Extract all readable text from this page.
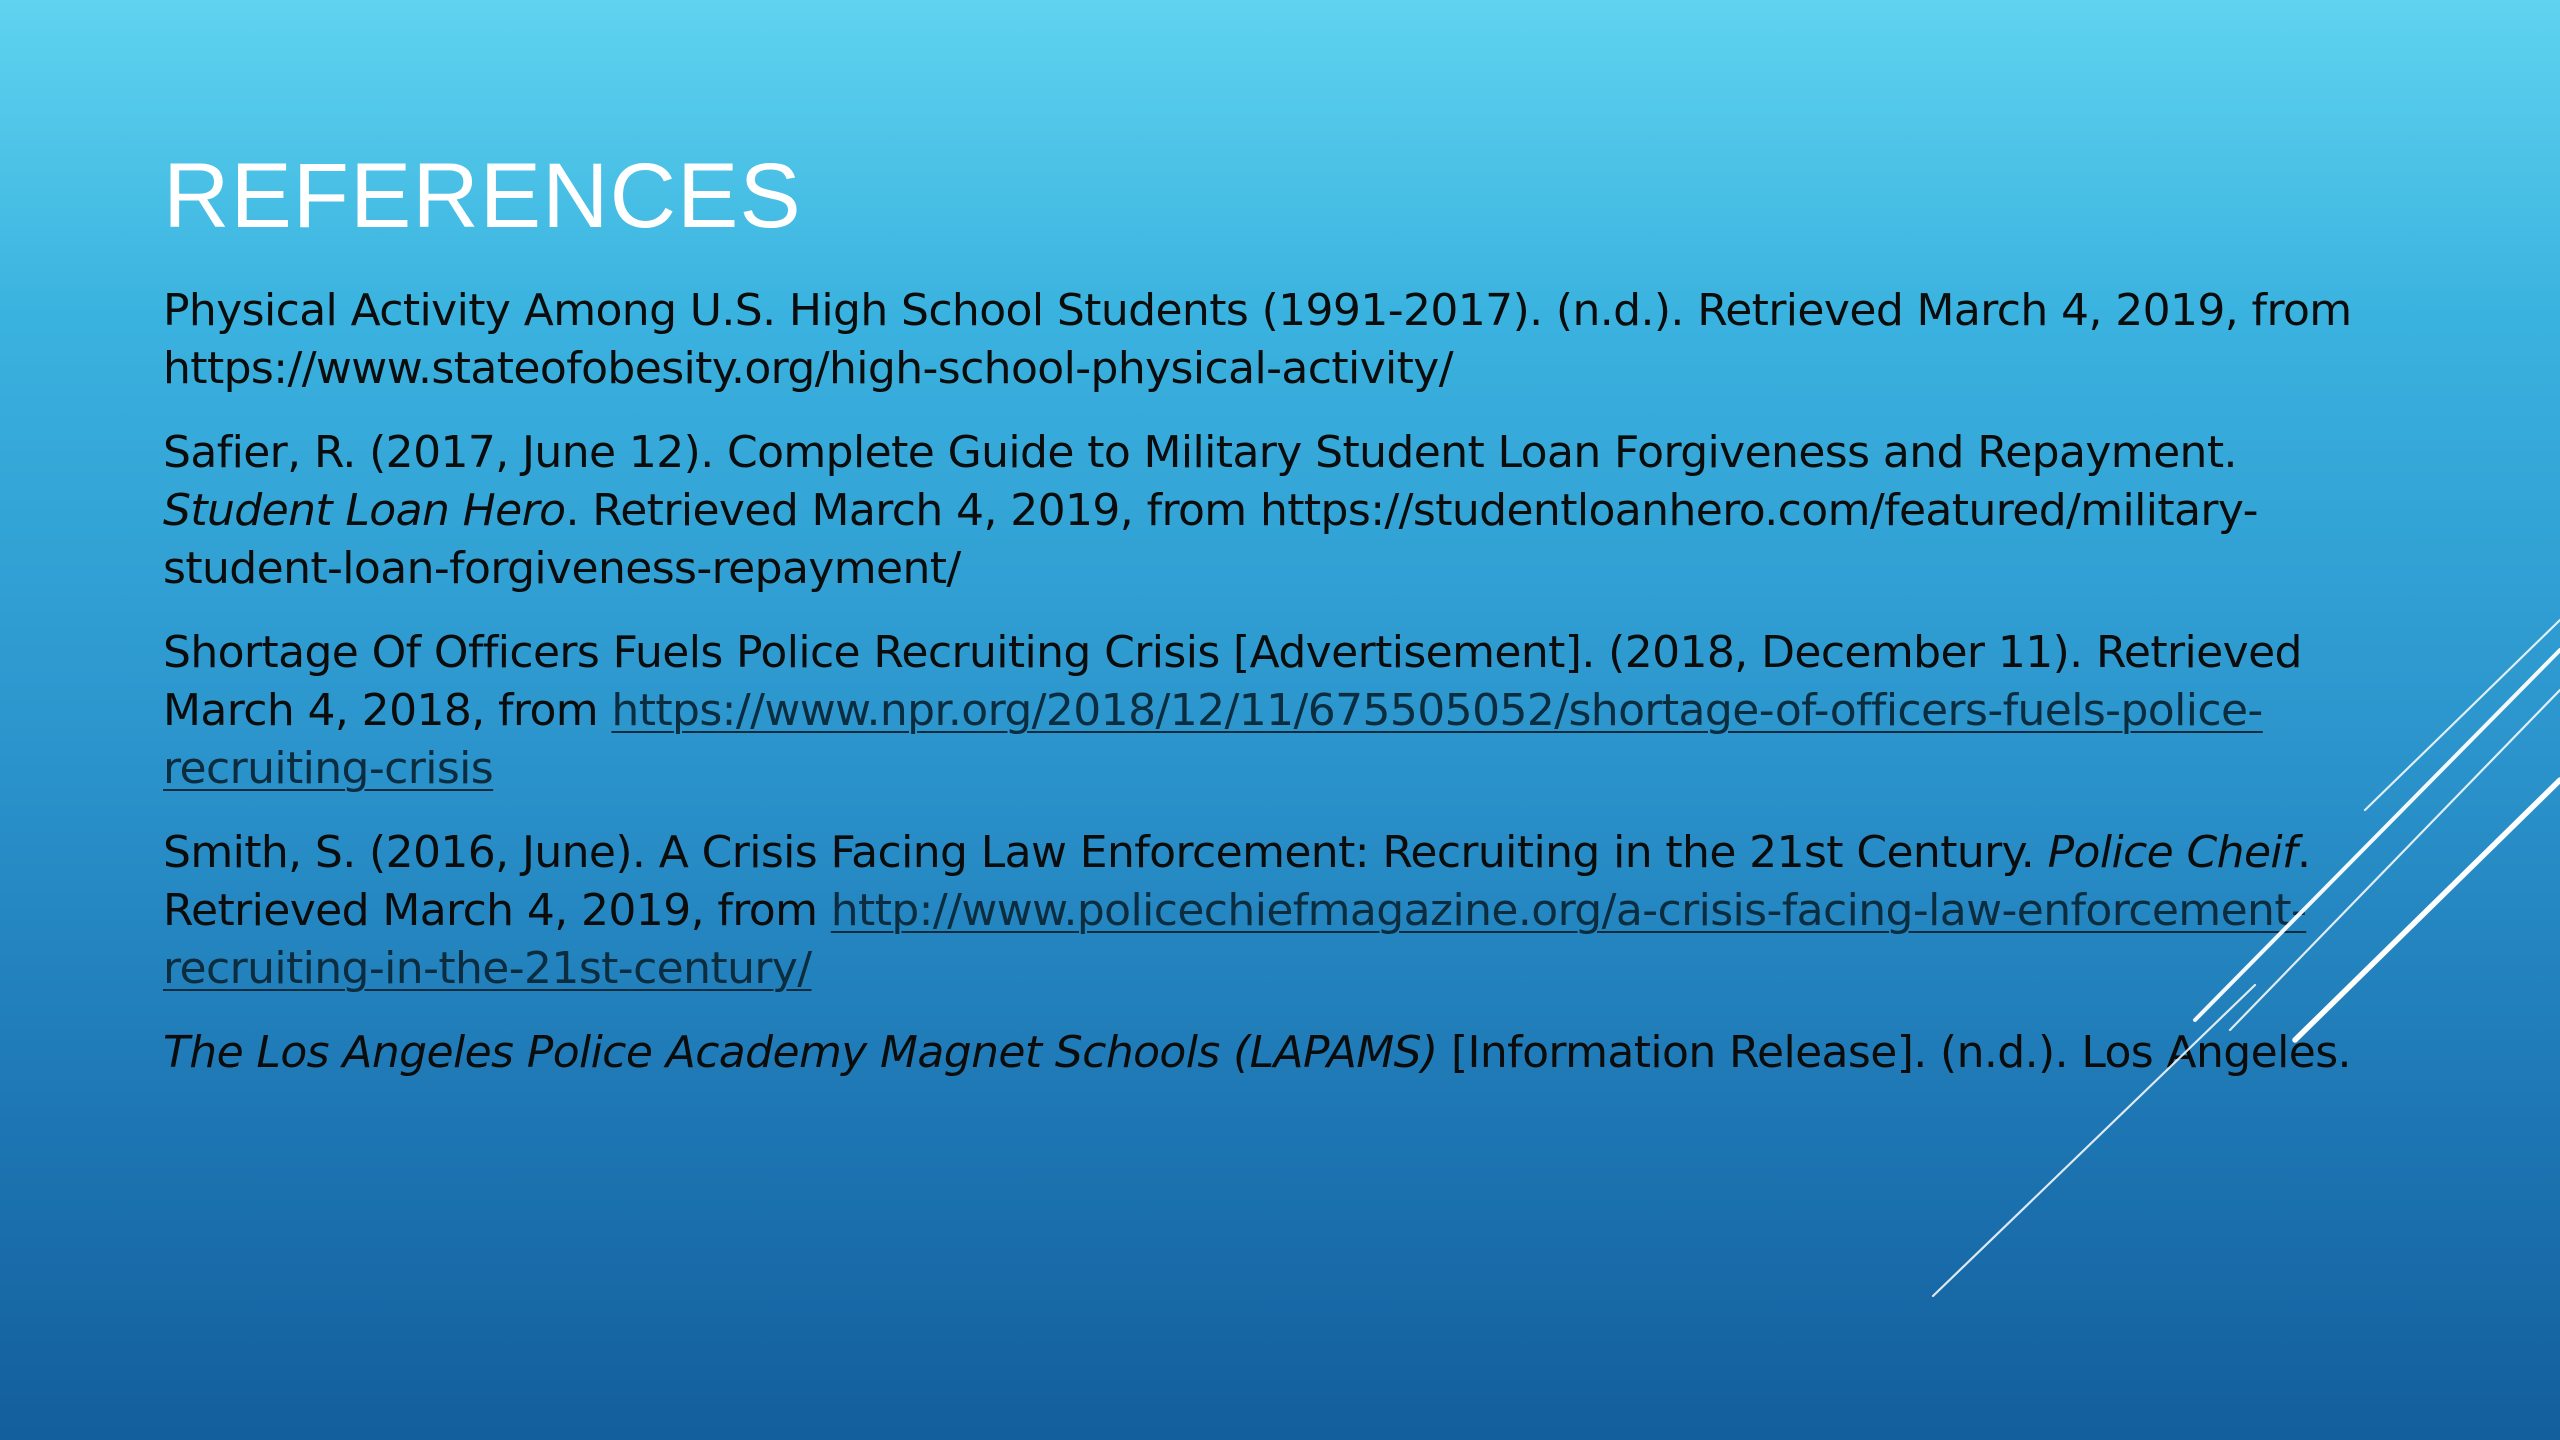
REFERENCES

Physical Activity Among U.S. High School Students (1991-2017). (n.d.). Retrieved March 4, 2019, from https://www.stateofobesity.org/high-school-physical-activity/

Safier, R. (2017, June 12). Complete Guide to Military Student Loan Forgiveness and Repayment. Student Loan Hero. Retrieved March 4, 2019, from https://studentloanhero.com/featured/military-student-loan-forgiveness-repayment/

Shortage Of Officers Fuels Police Recruiting Crisis [Advertisement]. (2018, December 11). Retrieved March 4, 2018, from https://www.npr.org/2018/12/11/675505052/shortage-of-officers-fuels-police-recruiting-crisis

Smith, S. (2016, June). A Crisis Facing Law Enforcement: Recruiting in the 21st Century. Police Cheif. Retrieved March 4, 2019, from http://www.policechiefmagazine.org/a-crisis-facing-law-enforcement-recruiting-in-the-21st-century/

The Los Angeles Police Academy Magnet Schools (LAPAMS) [Information Release]. (n.d.). Los Angeles.
